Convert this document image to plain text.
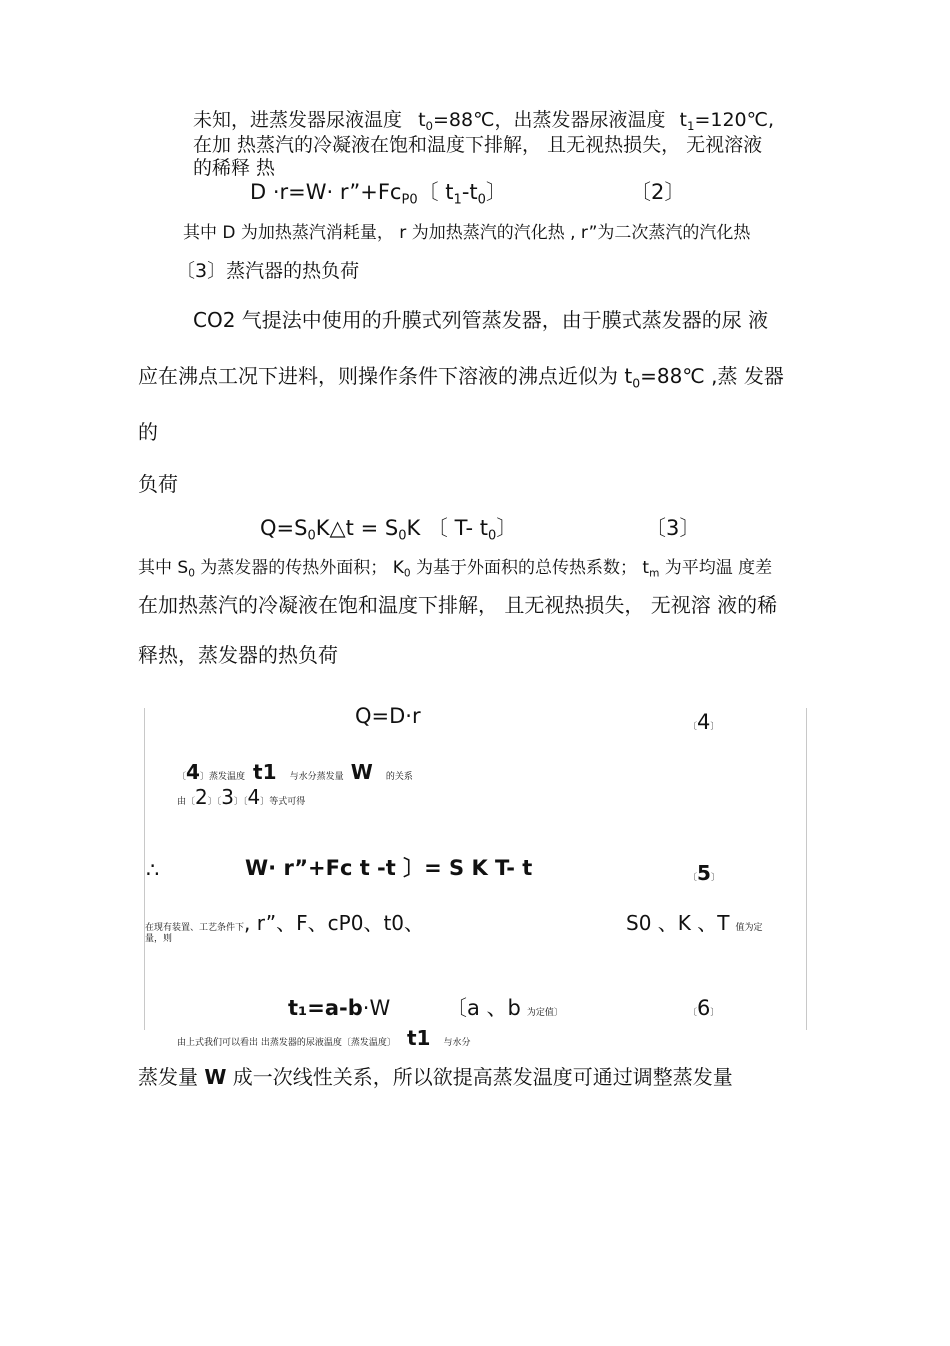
未知，进蒸发器尿液温度 $t_0=88℃$，出蒸发器尿液温度 $t_1=120℃$,
在加 热蒸汽的冷凝液在饱和温度下排解， 且无视热损失， 无视溶液
的稀释 热
$D \cdot r=W\cdot r”+Fc_{P0}$〔 $t_1-t_0$〕	〔2〕
其中 D 为加热蒸汽消耗量， r 为加热蒸汽的汽化热 , r”为二次蒸汽的汽化热
〔3〕蒸汽器的热负荷
CO2 气提法中使用的升膜式列管蒸发器，由于膜式蒸发器的尿 液
应在沸点工况下进料，则操作条件下溶液的沸点近似为 $t_0=88℃$ ,蒸 发器
的
负荷
$Q=S_0K\triangle t = S_0K$ 〔 T- $t_0$〕	〔3〕
其中 $S_0$ 为蒸发器的传热外面积； $K_0$ 为基于外面积的总传热系数； $t_m$ 为平均温 度差
在加热蒸汽的冷凝液在饱和温度下排解， 且无视热损失， 无视溶 液的稀
释热，蒸发器的热负荷
Q=D·r	〔4〕
〔4〕蒸发温度 t1 与水分蒸发量 W 的关系
由〔2〕〔3〕〔4〕等式可得
∴	W· r”+Fc t -t 〕= S K T- t	〔5〕
在现有装置、工艺条件下, r”、F、cP0、t0、	S0 、K 、T 值为定
量，则
t₁=a-b·W	〔a 、b 为定值〕	〔6〕
由上式我们可以看出 出蒸发器的尿液温度〔蒸发温度〕 t1 与水分
蒸发量 W 成一次线性关系，所以欲提高蒸发温度可通过调整蒸发量
